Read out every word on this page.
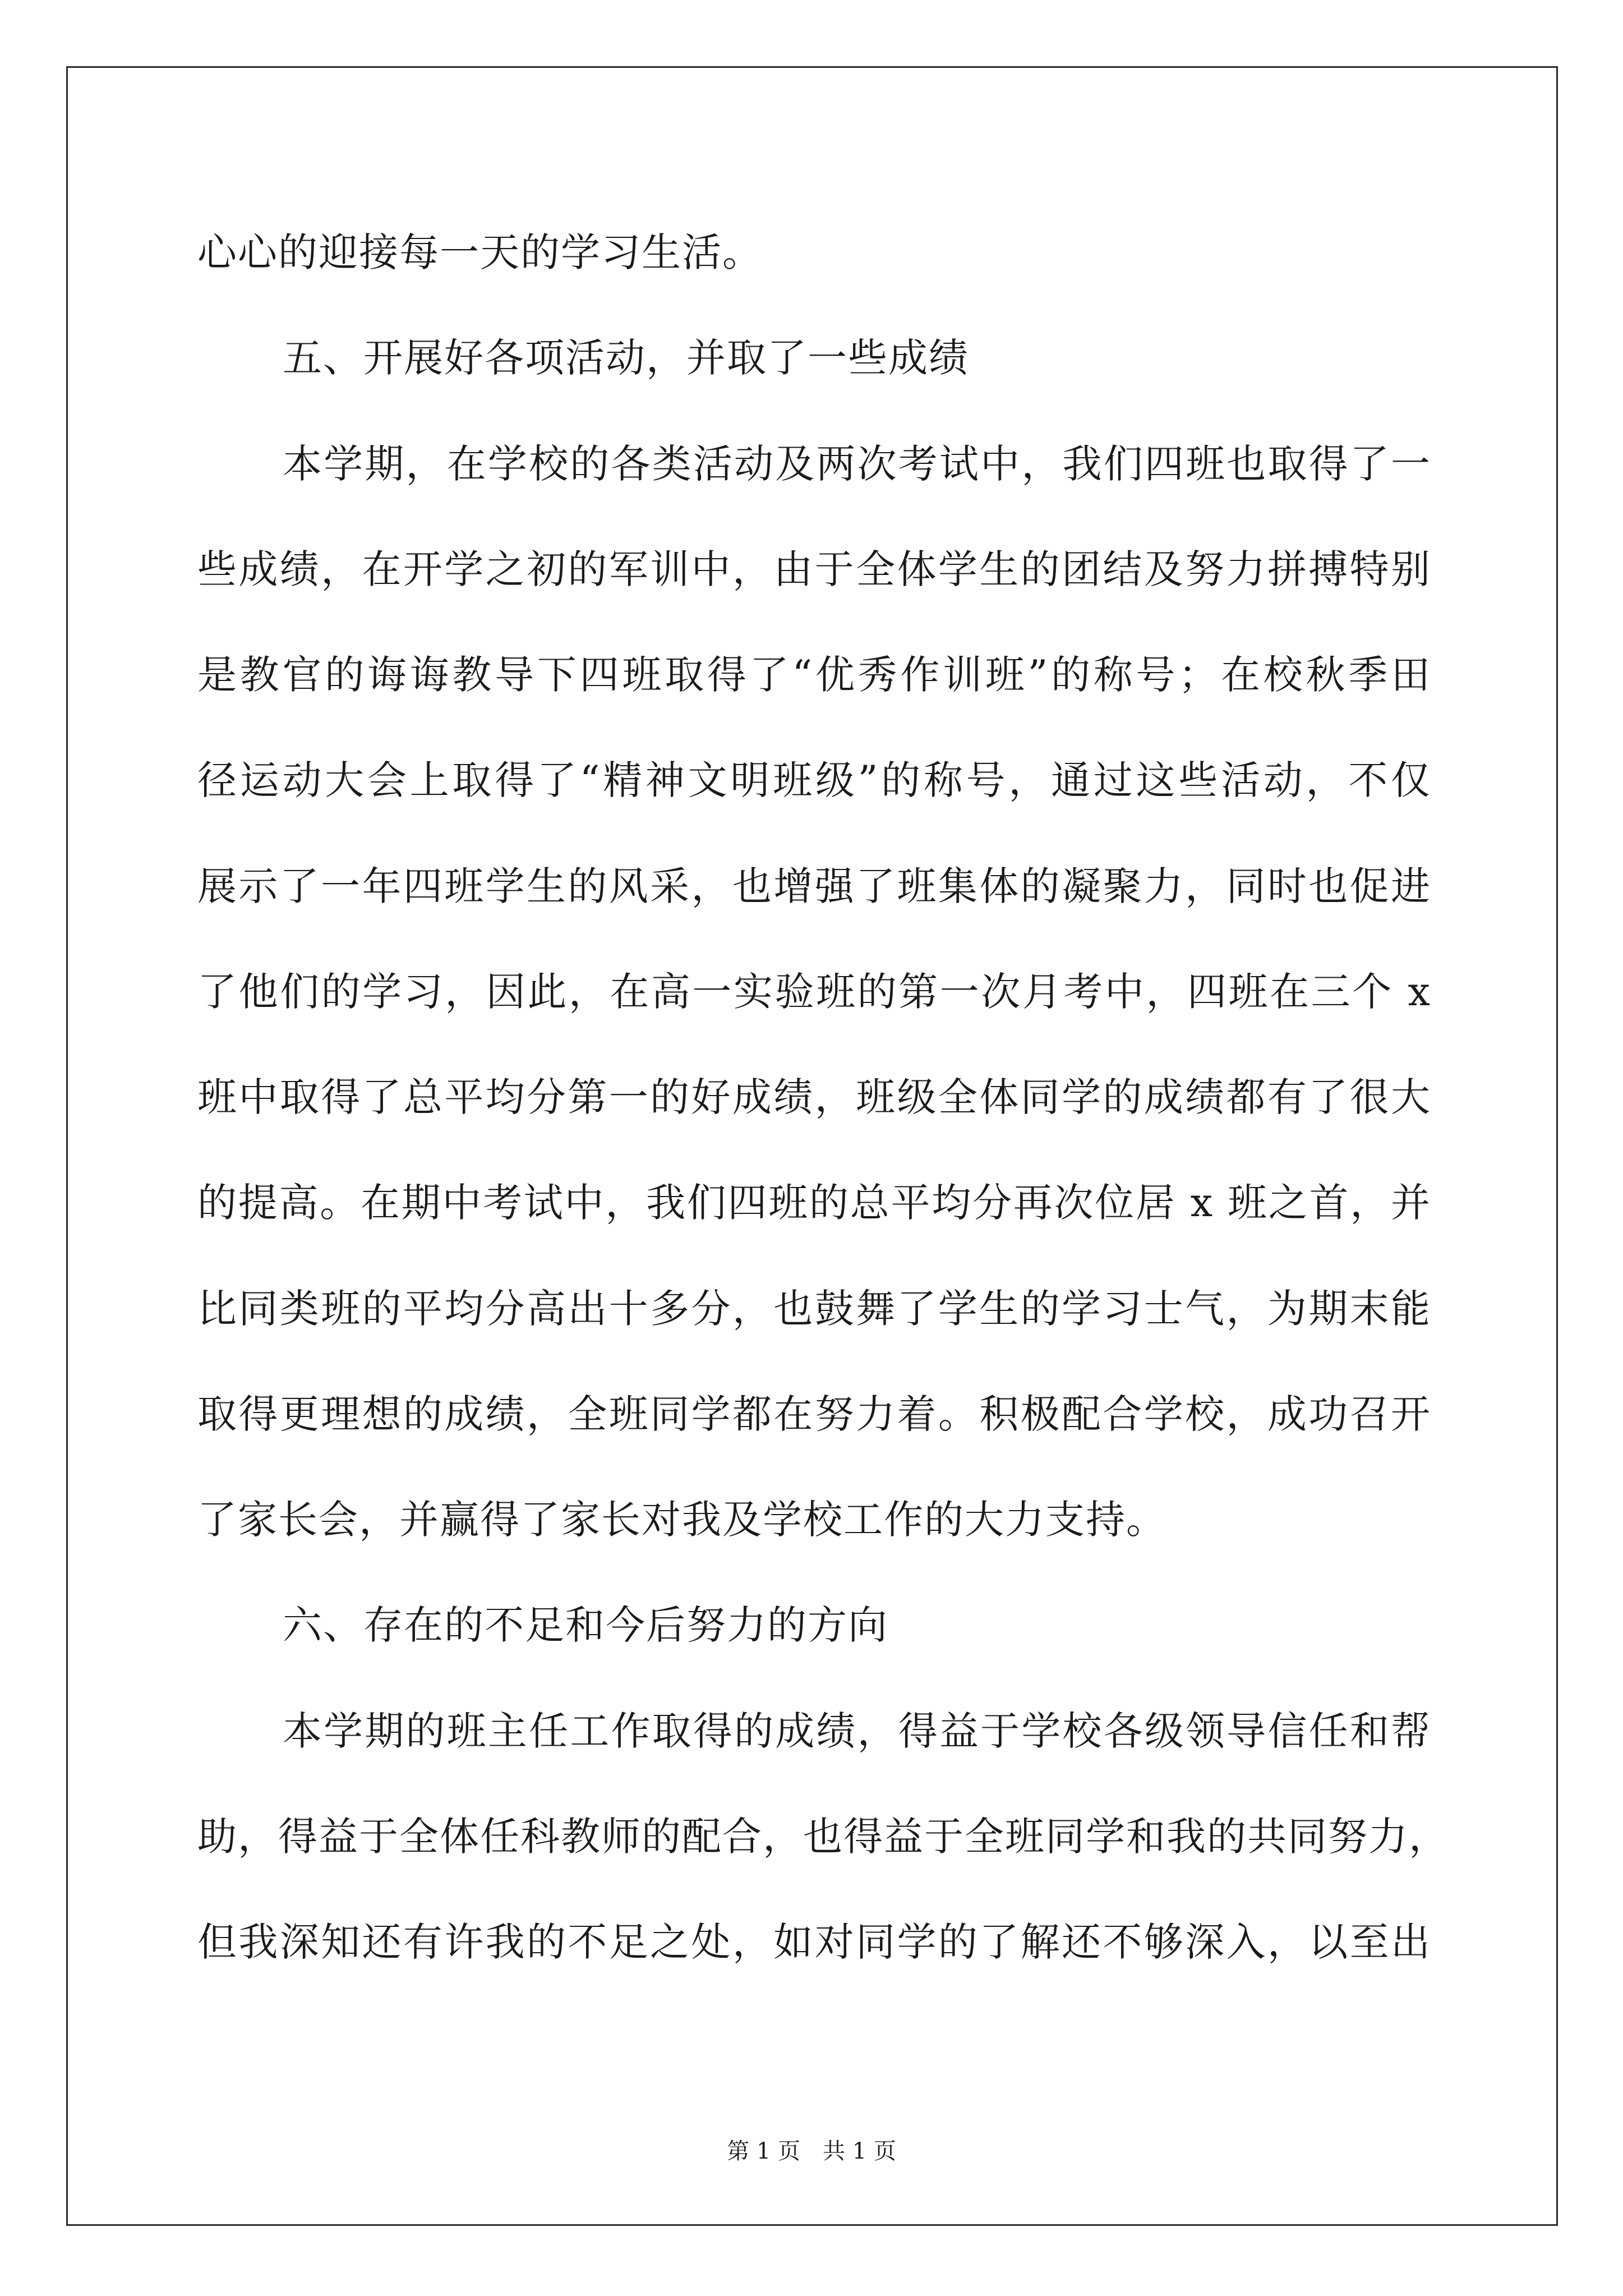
心心的迎接每一天的学习生活。
五、开展好各项活动，并取了一些成绩
本学期，在学校的各类活动及两次考试中，我们四班也取得了一
些成绩，在开学之初的军训中，由于全体学生的团结及努力拼搏特别
是教官的诲诲教导下四班取得了“优秀作训班”的称号；在校秋季田
径运动大会上取得了“精神文明班级”的称号，通过这些活动，不仅
展示了一年四班学生的风采，也增强了班集体的凝聚力，同时也促进
了他们的学习，因此，在高一实验班的第一次月考中，四班在三个 x
班中取得了总平均分第一的好成绩，班级全体同学的成绩都有了很大
的提高。在期中考试中，我们四班的总平均分再次位居 x 班之首，并
比同类班的平均分高出十多分，也鼓舞了学生的学习士气，为期末能
取得更理想的成绩，全班同学都在努力着。积极配合学校，成功召开
了家长会，并赢得了家长对我及学校工作的大力支持。
六、存在的不足和今后努力的方向
本学期的班主任工作取得的成绩，得益于学校各级领导信任和帮
助，得益于全体任科教师的配合，也得益于全班同学和我的共同努力，
但我深知还有许我的不足之处，如对同学的了解还不够深入，以至出
第 1 页　共 1 页
